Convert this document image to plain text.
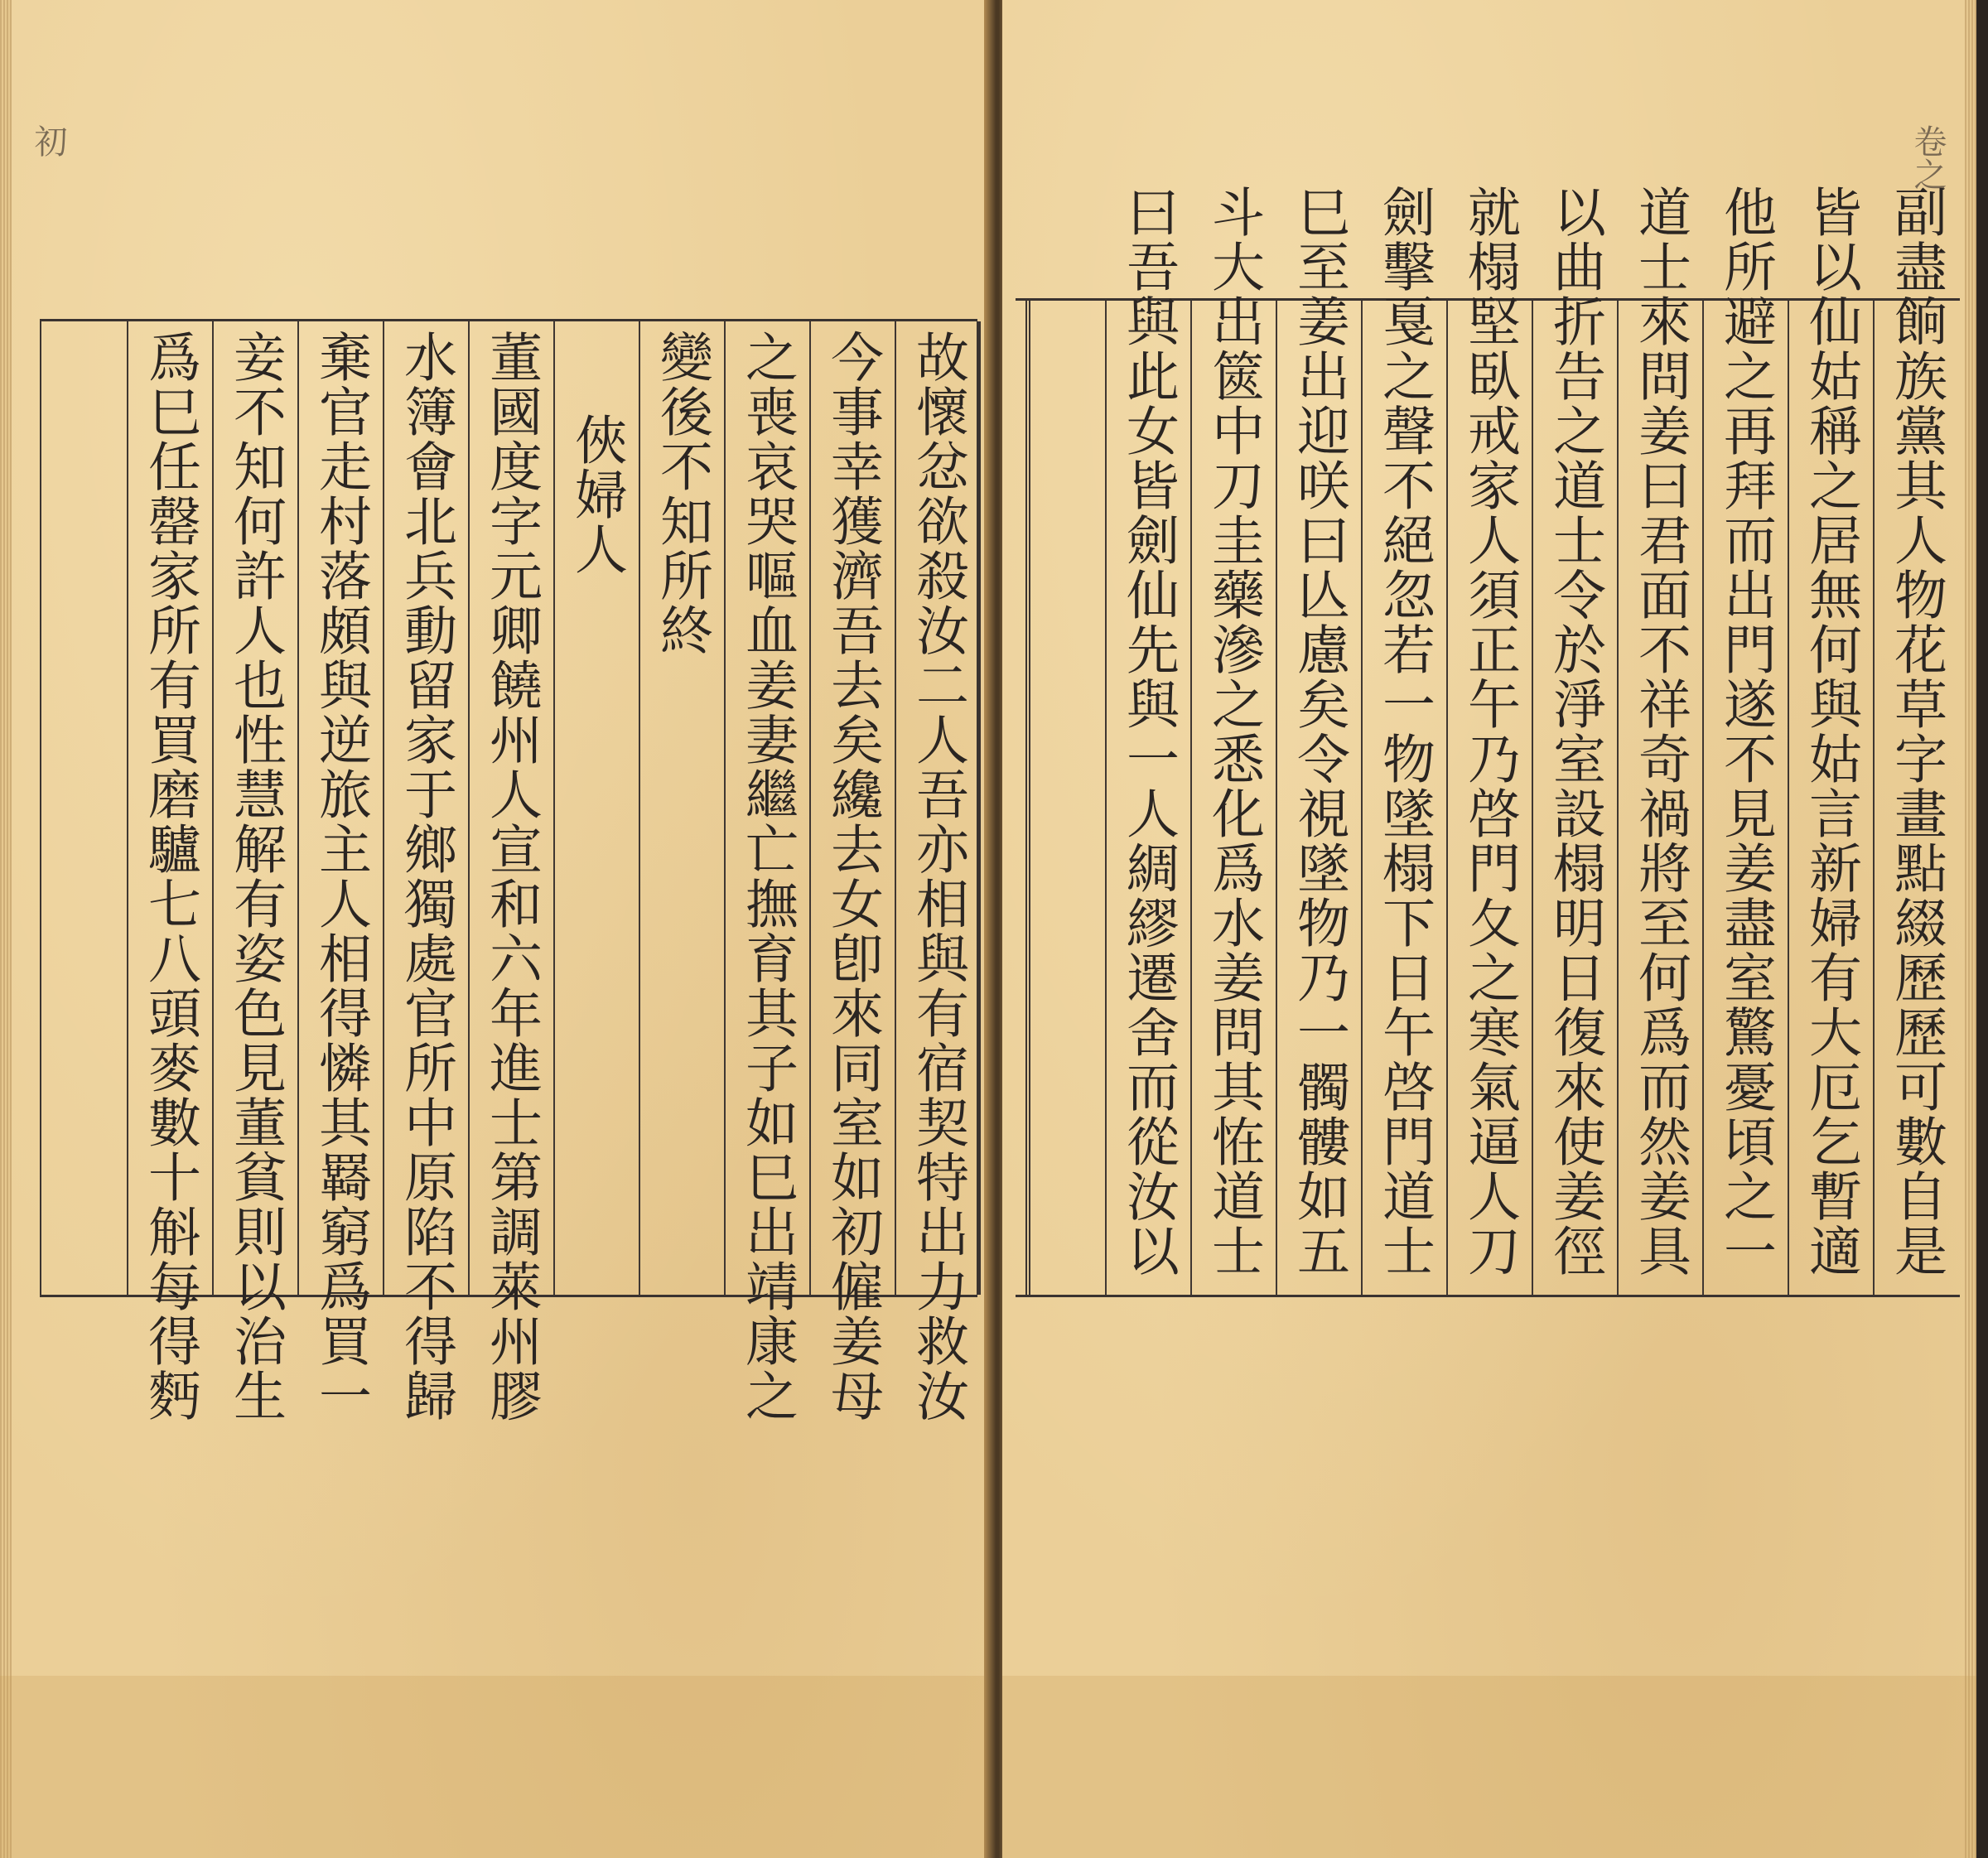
初
故懷忿欲殺汝二人吾亦相與有宿契特出力救汝
今事幸獲濟吾去矣纔去女卽來同室如初僱姜母
之喪哀哭嘔血姜妻繼亡撫育其子如巳出靖康之
變後不知所終
俠婦人
董國度字元卿饒州人宣和六年進士第調萊州膠
水簿會北兵動留家于鄉獨處官所中原陷不得歸
棄官走村落頗與逆旅主人相得憐其羇窮爲買一
妾不知何許人也性慧解有姿色見董貧則以治生
爲巳任罄家所有買磨驢七八頭麥數十斛每得麪
卷之
副盡餉族黨其人物花草字畫點綴歷歷可數自是
皆以仙姑稱之居無何與姑言新婦有大厄乞暫適
他所避之再拜而出門遂不見姜盡室驚憂頃之一
道士來問姜曰君面不祥奇禍將至何爲而然姜具
以曲折告之道士令於淨室設榻明日復來使姜徑
就榻堅臥戒家人須正午乃啓門夂之寒氣逼人刀
劍擊戛之聲不絕忽若一物墜榻下日午啓門道士
巳至姜出迎咲曰亾慮矣令視墜物乃一髑髏如五
斗大出篋中刀圭藥滲之悉化爲水姜問其恠道士
曰吾與此女皆劍仙先與一人綢繆遷舍而從汝以
